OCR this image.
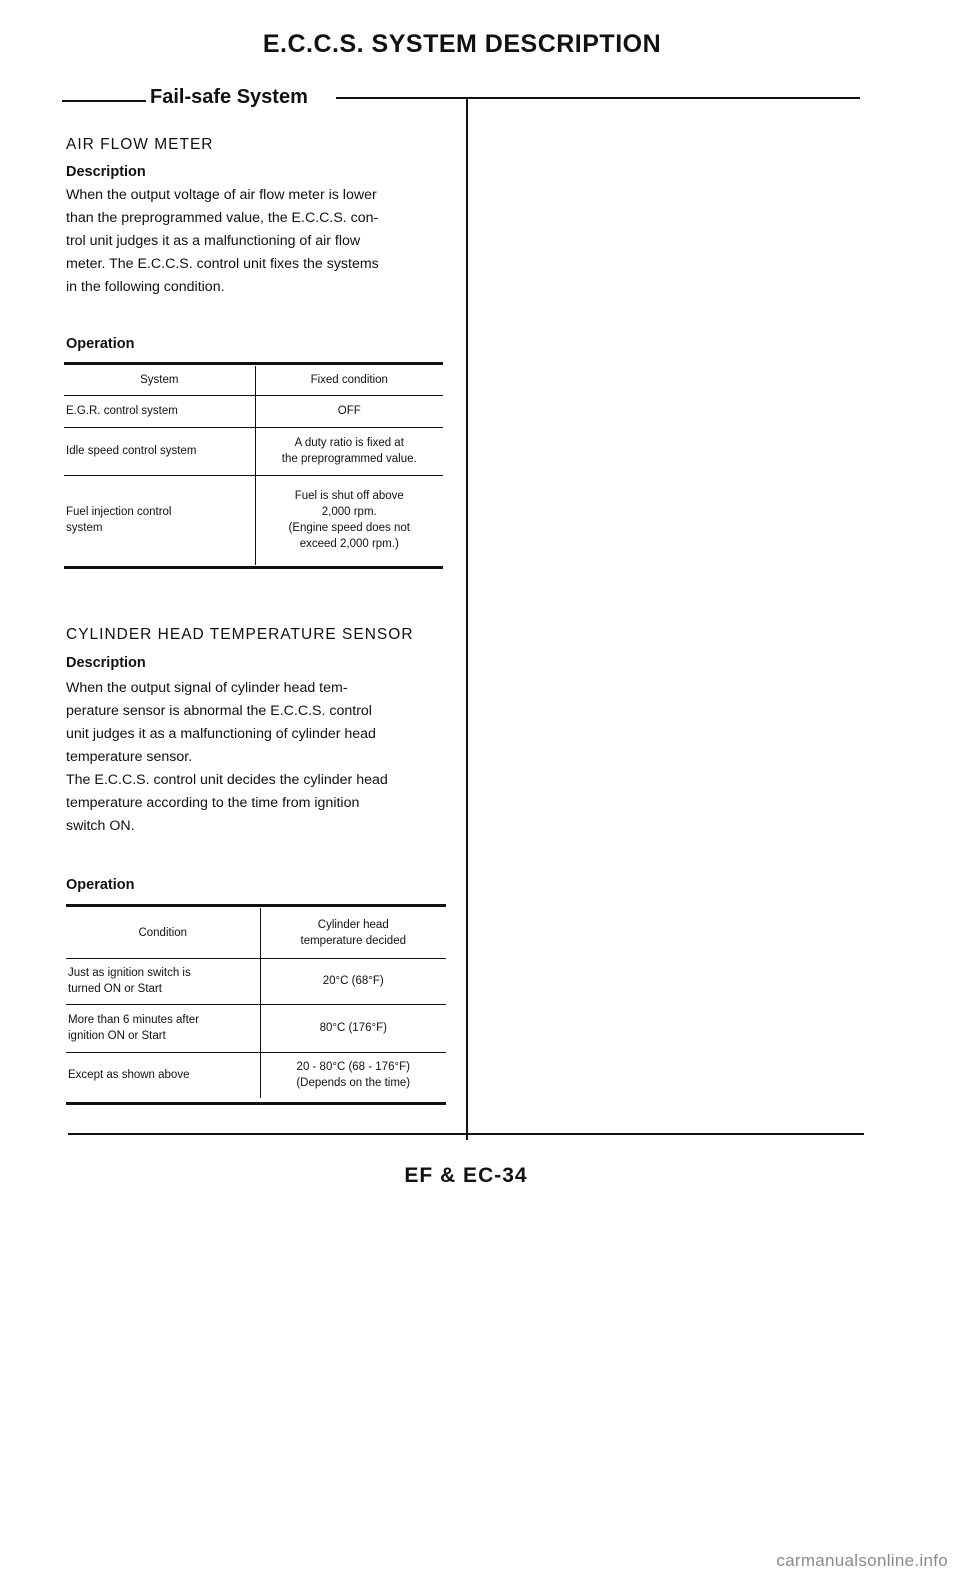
E.C.C.S. SYSTEM DESCRIPTION
Fail-safe System
AIR FLOW METER
Description

When the output voltage of air flow meter is lower

than the preprogrammed value, the E.C.C.S. con-

trol unit judges it as a malfunctioning of air flow

meter. The E.C.C.S. control unit fixes the systems

in the following condition.

Operation
System	Fixed condition
E.G.R. control system	OFF
Idle speed control system	A duty ratio is fixed at
the preprogrammed value.

Fuel injection control
system	Fuel is shut off above
2,000 rpm.
(Engine speed does not
exceed 2,000 rpm.)
CYLINDER HEAD TEMPERATURE SENSOR
Description

When the output signal of cylinder head tem-

perature sensor is abnormal the E.C.C.S. control

unit judges it as a malfunctioning of cylinder head

temperature sensor.

The E.C.C.S. control unit decides the cylinder head

temperature according to the time from ignition

switch ON.

Operation
Condition	Cylinder head
temperature decided

Just as ignition switch is
turned ON or Start	20°C (68°F)

More than 6 minutes after
ignition ON or Start	80°C (176°F)
Except as shown above	20 - 80°C (68 - 176°F)
(Depends on the time)
EF & EC-34
carmanualsonline.info
